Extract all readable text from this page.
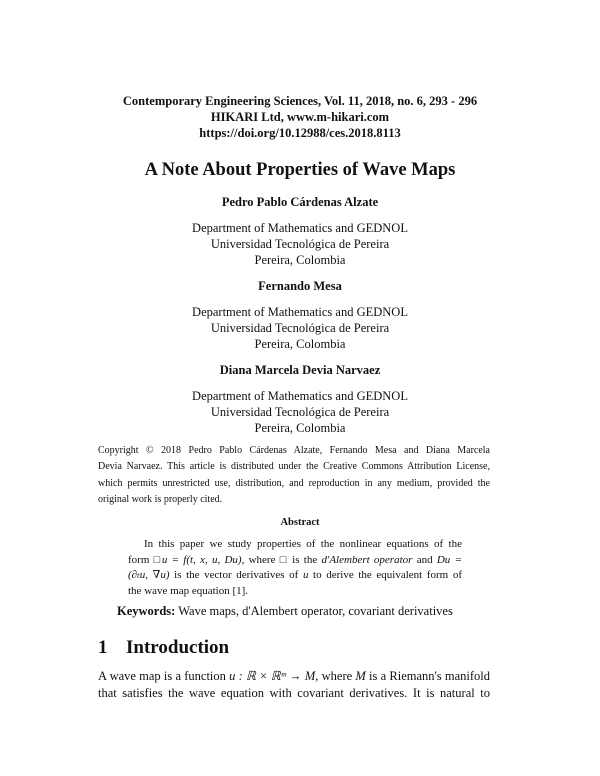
Contemporary Engineering Sciences, Vol. 11, 2018, no. 6, 293 - 296
HIKARI Ltd, www.m-hikari.com
https://doi.org/10.12988/ces.2018.8113
A Note About Properties of Wave Maps
Pedro Pablo Cárdenas Alzate
Department of Mathematics and GEDNOL
Universidad Tecnológica de Pereira
Pereira, Colombia
Fernando Mesa
Department of Mathematics and GEDNOL
Universidad Tecnológica de Pereira
Pereira, Colombia
Diana Marcela Devia Narvaez
Department of Mathematics and GEDNOL
Universidad Tecnológica de Pereira
Pereira, Colombia
Copyright © 2018 Pedro Pablo Cárdenas Alzate, Fernando Mesa and Diana Marcela
Devia Narvaez. This article is distributed under the Creative Commons Attribution License,
which permits unrestricted use, distribution, and reproduction in any medium, provided the
original work is properly cited.
Abstract
In this paper we study properties of the nonlinear equations of the
form □u = f(t, x, u, Du), where □ is the d'Alembert operator and Du =
(∂ₜu, ∇u) is the vector derivatives of u to derive the equivalent form of
the wave map equation [1].
Keywords: Wave maps, d'Alembert operator, covariant derivatives
1 Introduction
A wave map is a function u : ℝ × ℝᵐ → M, where M is a Riemann's manifold
that satisfies the wave equation with covariant derivatives. It is natural to
